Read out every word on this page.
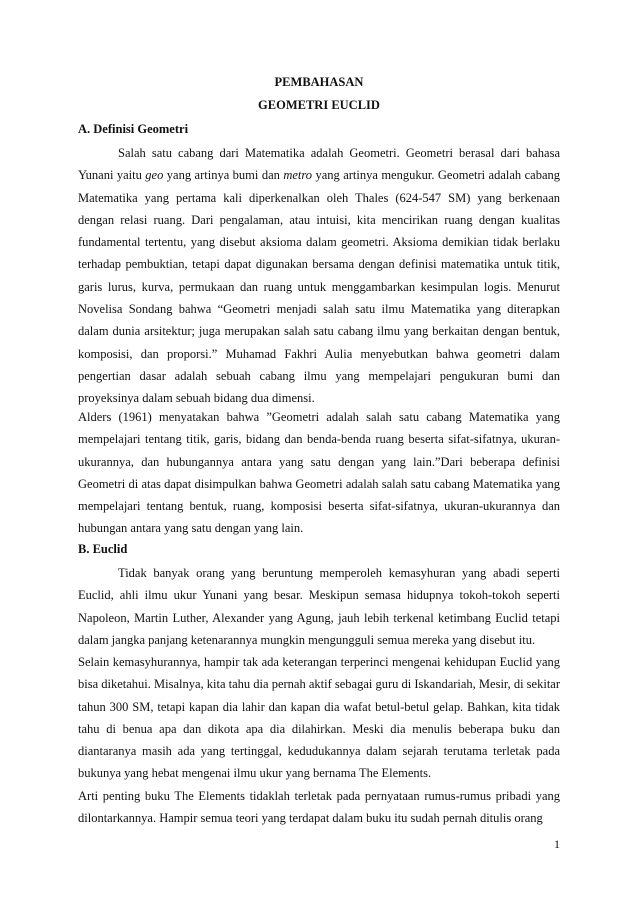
PEMBAHASAN
GEOMETRI EUCLID
A. Definisi Geometri
Salah satu cabang dari Matematika adalah Geometri. Geometri berasal dari bahasa Yunani yaitu geo yang artinya bumi dan metro yang artinya mengukur. Geometri adalah cabang Matematika yang pertama kali diperkenalkan oleh Thales (624-547 SM) yang berkenaan dengan relasi ruang. Dari pengalaman, atau intuisi, kita mencirikan ruang dengan kualitas fundamental tertentu, yang disebut aksioma dalam geometri. Aksioma demikian tidak berlaku terhadap pembuktian, tetapi dapat digunakan bersama dengan definisi matematika untuk titik, garis lurus, kurva, permukaan dan ruang untuk menggambarkan kesimpulan logis. Menurut Novelisa Sondang bahwa “Geometri menjadi salah satu ilmu Matematika yang diterapkan dalam dunia arsitektur; juga merupakan salah satu cabang ilmu yang berkaitan dengan bentuk, komposisi, dan proporsi.” Muhamad Fakhri Aulia menyebutkan bahwa geometri dalam pengertian dasar adalah sebuah cabang ilmu yang mempelajari pengukuran bumi dan proyeksinya dalam sebuah bidang dua dimensi.
Alders (1961) menyatakan bahwa ”Geometri adalah salah satu cabang Matematika yang mempelajari tentang titik, garis, bidang dan benda-benda ruang beserta sifat-sifatnya, ukuran-ukurannya, dan hubungannya antara yang satu dengan yang lain.”Dari beberapa definisi Geometri di atas dapat disimpulkan bahwa Geometri adalah salah satu cabang Matematika yang mempelajari tentang bentuk, ruang, komposisi beserta sifat-sifatnya, ukuran-ukurannya dan hubungan antara yang satu dengan yang lain.
B. Euclid
Tidak banyak orang yang beruntung memperoleh kemasyhuran yang abadi seperti Euclid, ahli ilmu ukur Yunani yang besar. Meskipun semasa hidupnya tokoh-tokoh seperti Napoleon, Martin Luther, Alexander yang Agung, jauh lebih terkenal ketimbang Euclid tetapi dalam jangka panjang ketenarannya mungkin mengungguli semua mereka yang disebut itu.
Selain kemasyhurannya, hampir tak ada keterangan terperinci mengenai kehidupan Euclid yang bisa diketahui. Misalnya, kita tahu dia pernah aktif sebagai guru di Iskandariah, Mesir, di sekitar tahun 300 SM, tetapi kapan dia lahir dan kapan dia wafat betul-betul gelap. Bahkan, kita tidak tahu di benua apa dan dikota apa dia dilahirkan. Meski dia menulis beberapa buku dan diantaranya masih ada yang tertinggal, kedudukannya dalam sejarah terutama terletak pada bukunya yang hebat mengenai ilmu ukur yang bernama The Elements.
Arti penting buku The Elements tidaklah terletak pada pernyataan rumus-rumus pribadi yang dilontarkannya. Hampir semua teori yang terdapat dalam buku itu sudah pernah ditulis orang
1
